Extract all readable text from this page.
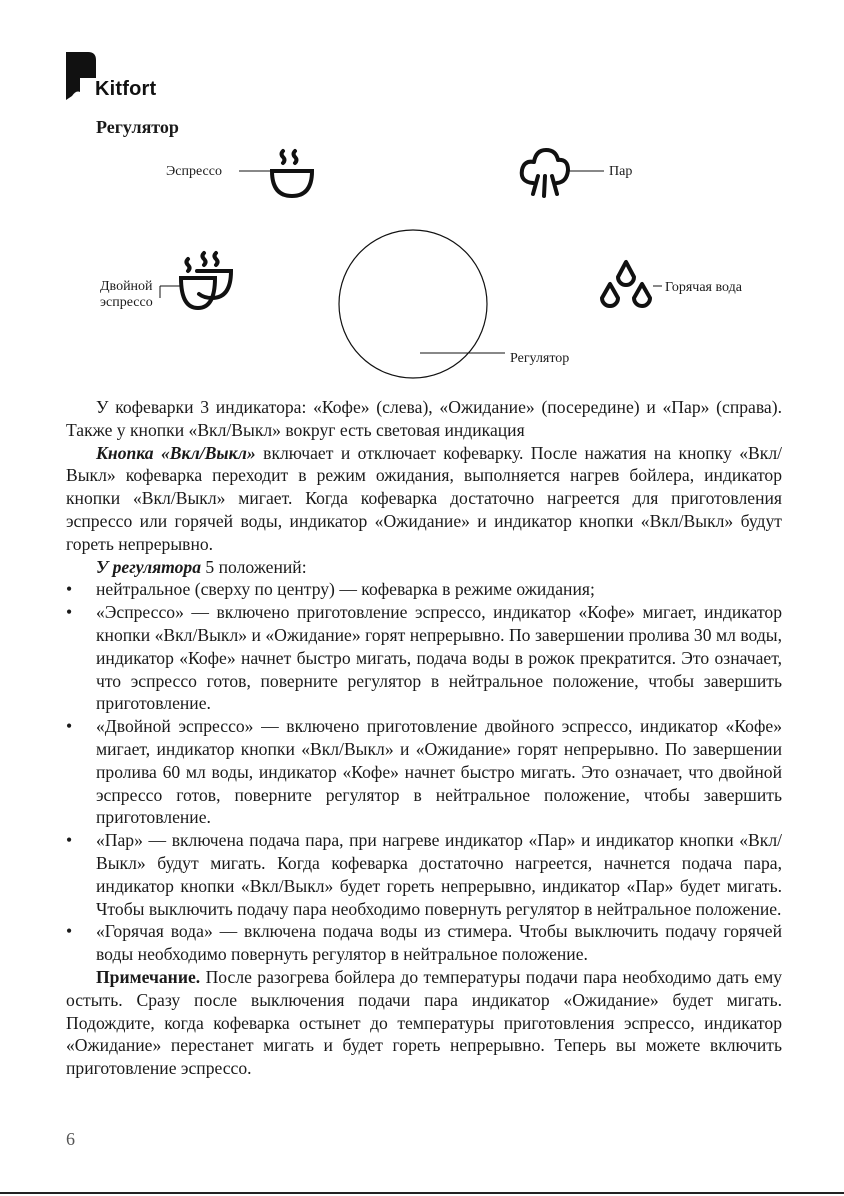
Kitfort
Регулятор
Эспрессо	Пар
Двойной
эспрессо
Регулятор
Горячая вода

У кофеварки 3 индикатора: «Кофе» (слева), «Ожидание» (посередине) и «Пар» (справа). Также у кнопки «Вкл/Выкл» вокруг есть световая индикация

Кнопка «Вкл/Выкл» включает и отключает кофеварку. После нажатия на кнопку «Вкл/Выкл» кофеварка переходит в режим ожидания, выполняется нагрев бойлера, индикатор кнопки «Вкл/Выкл» мигает. Когда кофеварка достаточно нагреется для приготовления эспрессо или горячей воды, индикатор «Ожидание» и индикатор кнопки «Вкл/Выкл» будут гореть непрерывно.

У регулятора 5 положений:

• нейтральное (сверху по центру) — кофеварка в режиме ожидания;
• «Эспрессо» — включено приготовление эспрессо, индикатор «Кофе» мигает, индикатор кнопки «Вкл/Выкл» и «Ожидание» горят непрерывно. По завершении пролива 30 мл воды, индикатор «Кофе» начнет быстро мигать, подача воды в рожок прекратится. Это означает, что эспрессо готов, поверните регулятор в нейтральное положение, чтобы завершить приготовление.
• «Двойной эспрессо» — включено приготовление двойного эспрессо, индикатор «Кофе» мигает, индикатор кнопки «Вкл/Выкл» и «Ожидание» горят непрерывно. По завершении пролива 60 мл воды, индикатор «Кофе» начнет быстро мигать. Это означает, что двойной эспрессо готов, поверните регулятор в нейтральное положение, чтобы завершить приготовление.
• «Пар» — включена подача пара, при нагреве индикатор «Пар» и индикатор кнопки «Вкл/Выкл» будут мигать. Когда кофеварка достаточно нагреется, начнется подача пара, индикатор кнопки «Вкл/Выкл» будет гореть непрерывно, индикатор «Пар» будет мигать. Чтобы выключить подачу пара необходимо повернуть регулятор в нейтральное положение.
• «Горячая вода» — включена подача воды из стимера. Чтобы выключить подачу горячей воды необходимо повернуть регулятор в нейтральное положение.

Примечание. После разогрева бойлера до температуры подачи пара необходимо дать ему остыть. Сразу после выключения подачи пара индикатор «Ожидание» будет мигать. Подождите, когда кофеварка остынет до температуры приготовления эспрессо, индикатор «Ожидание» перестанет мигать и будет гореть непрерывно. Теперь вы можете включить приготовление эспрессо.

6
